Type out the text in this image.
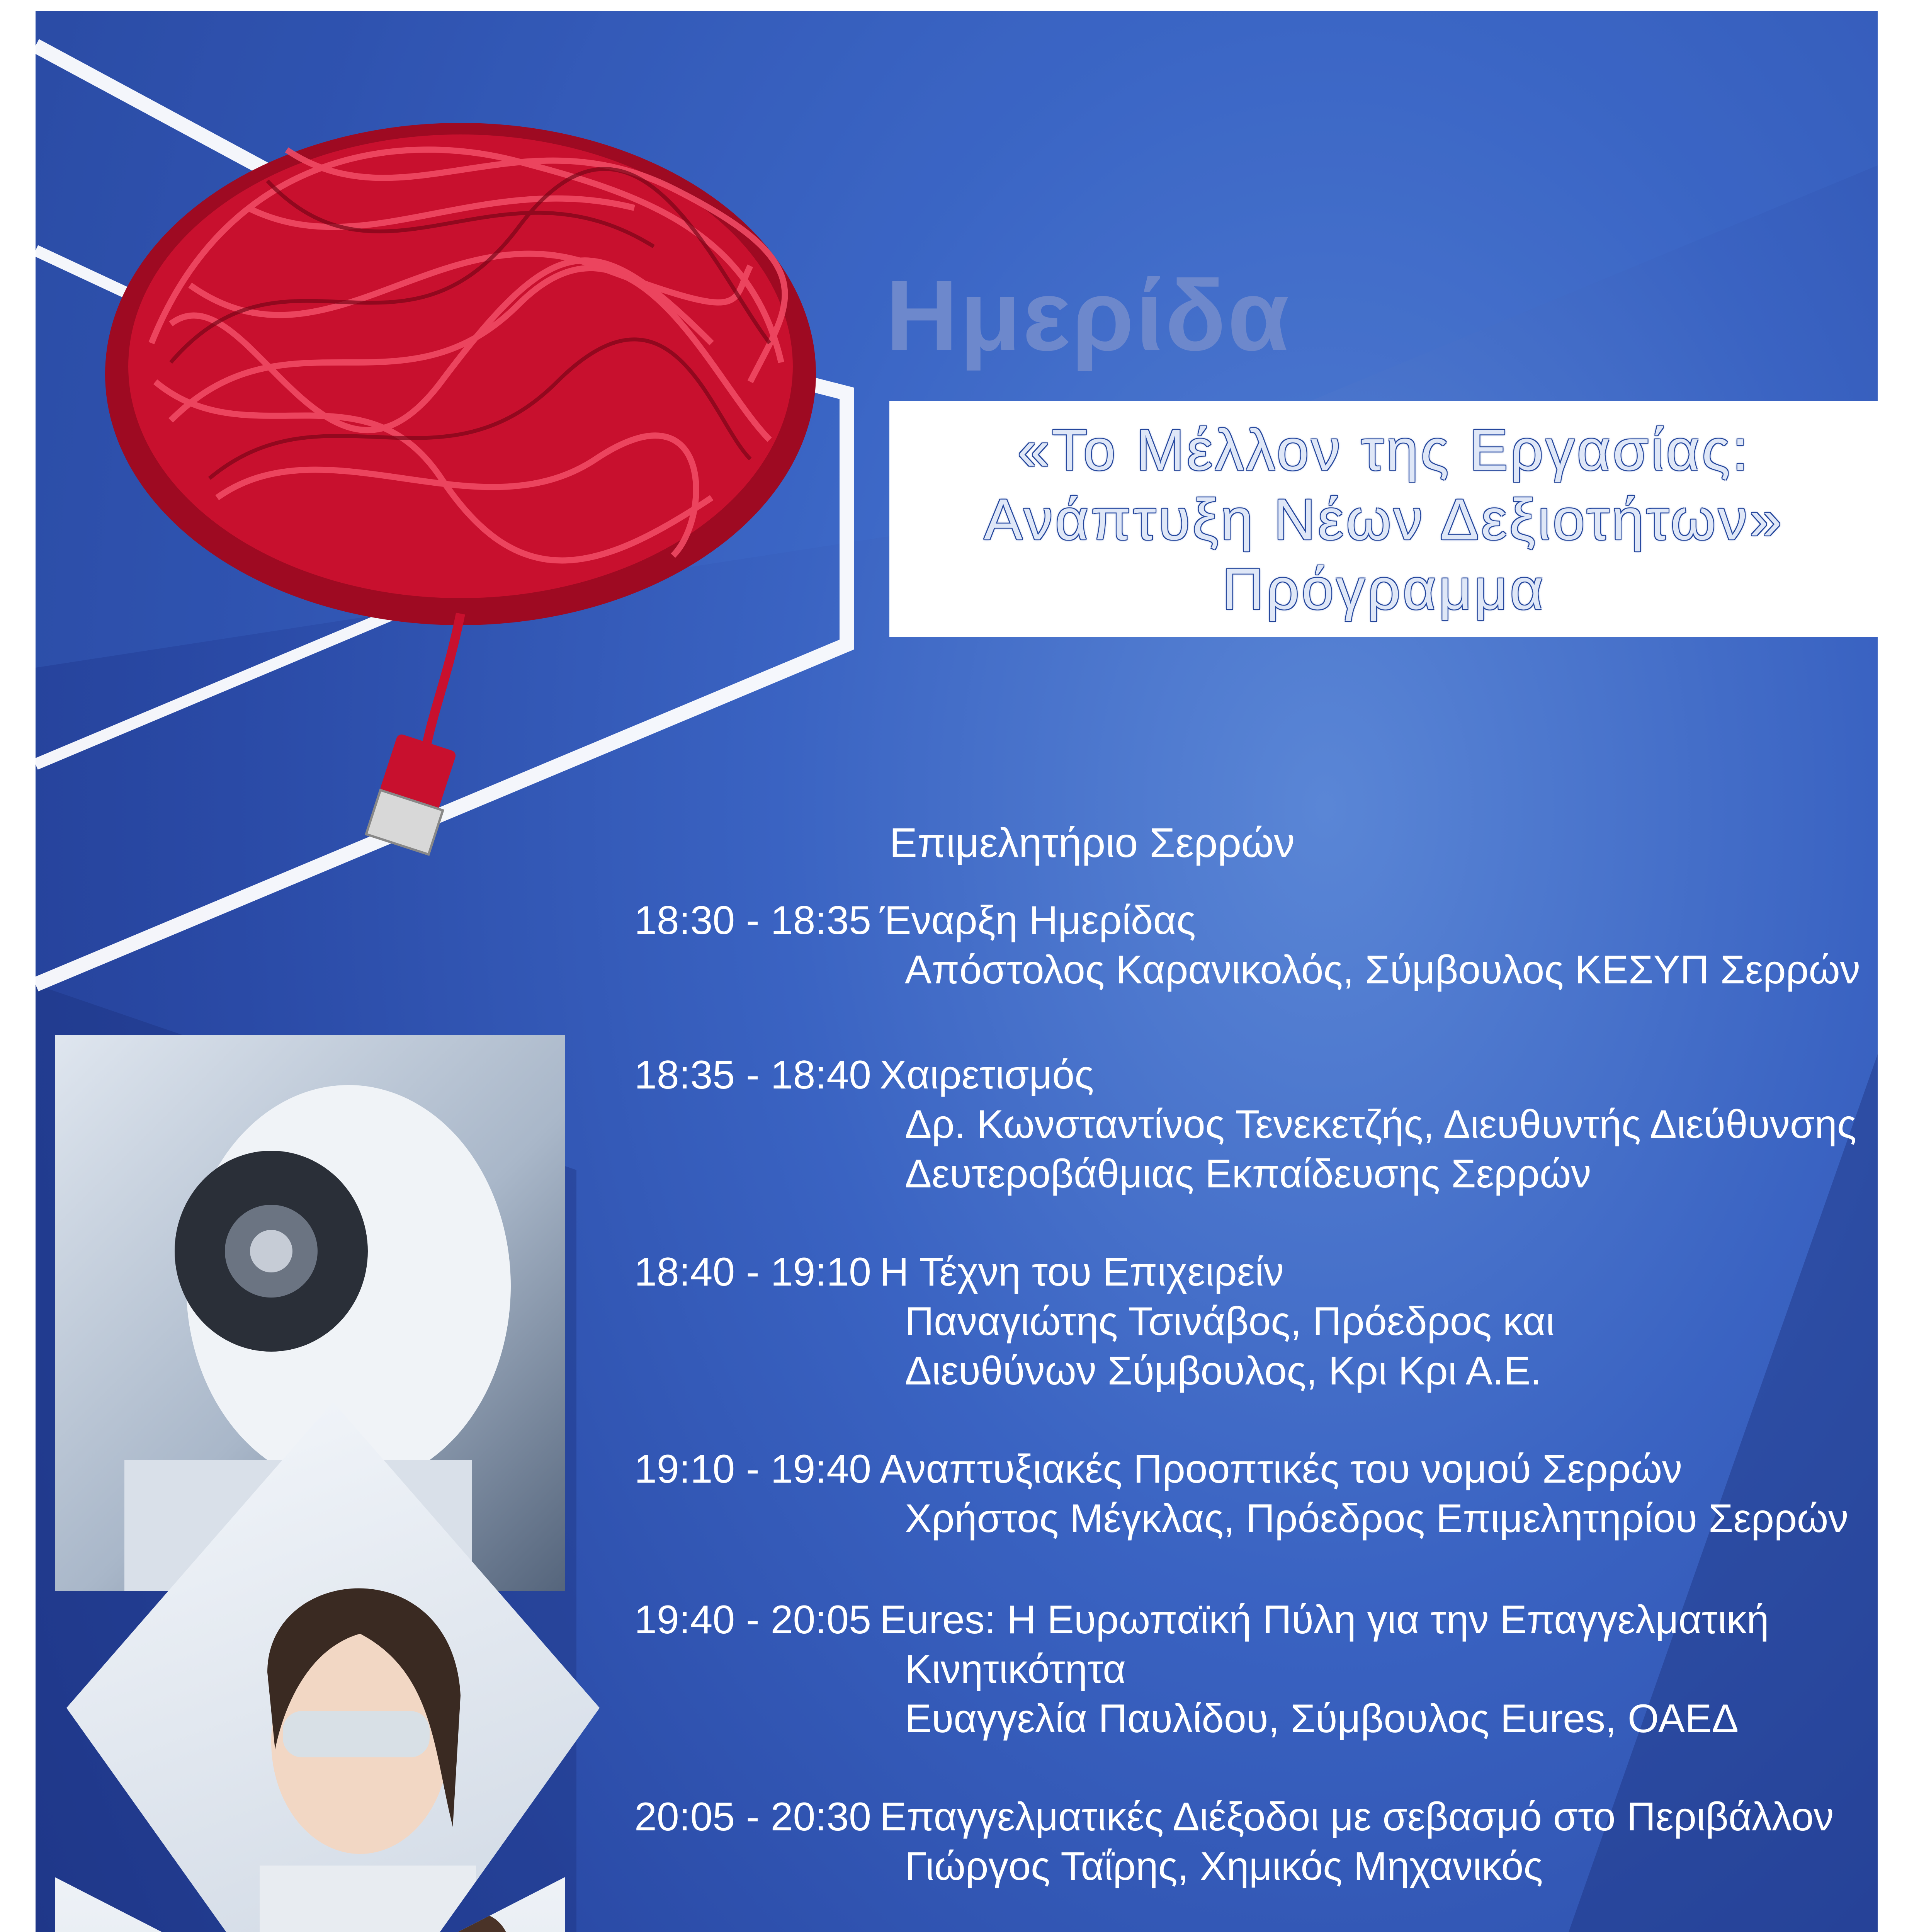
Ημερίδα
«Το Μέλλον της Εργασίας:
Ανάπτυξη Νέων Δεξιοτήτων»
Πρόγραμμα

Επιμελητήριο Σερρών

18:30 - 18:35 Έναρξη Ημερίδας
Απόστολος Καρανικολός, Σύμβουλος ΚΕΣΥΠ Σερρών
18:35 - 18:40 Χαιρετισμός
Δρ. Κωνσταντίνος Τενεκετζής, Διευθυντής Διεύθυνσης
Δευτεροβάθμιας Εκπαίδευσης Σερρών
18:40 - 19:10 Η Τέχνη του Επιχειρείν
Παναγιώτης Τσινάβος, Πρόεδρος και
Διευθύνων Σύμβουλος, Κρι Κρι Α.Ε.
19:10 - 19:40 Αναπτυξιακές Προοπτικές του νομού Σερρών
Χρήστος Μέγκλας, Πρόεδρος Επιμελητηρίου Σερρών
19:40 - 20:05 Eures: Η Ευρωπαϊκή Πύλη για την Επαγγελματική
Κινητικότητα
Ευαγγελία Παυλίδου, Σύμβουλος Eures, ΟΑΕΔ
20:05 - 20:30 Επαγγελματικές Διέξοδοι με σεβασμό στο Περιβάλλον
Γιώργος Ταΐρης, Χημικός Μηχανικός
